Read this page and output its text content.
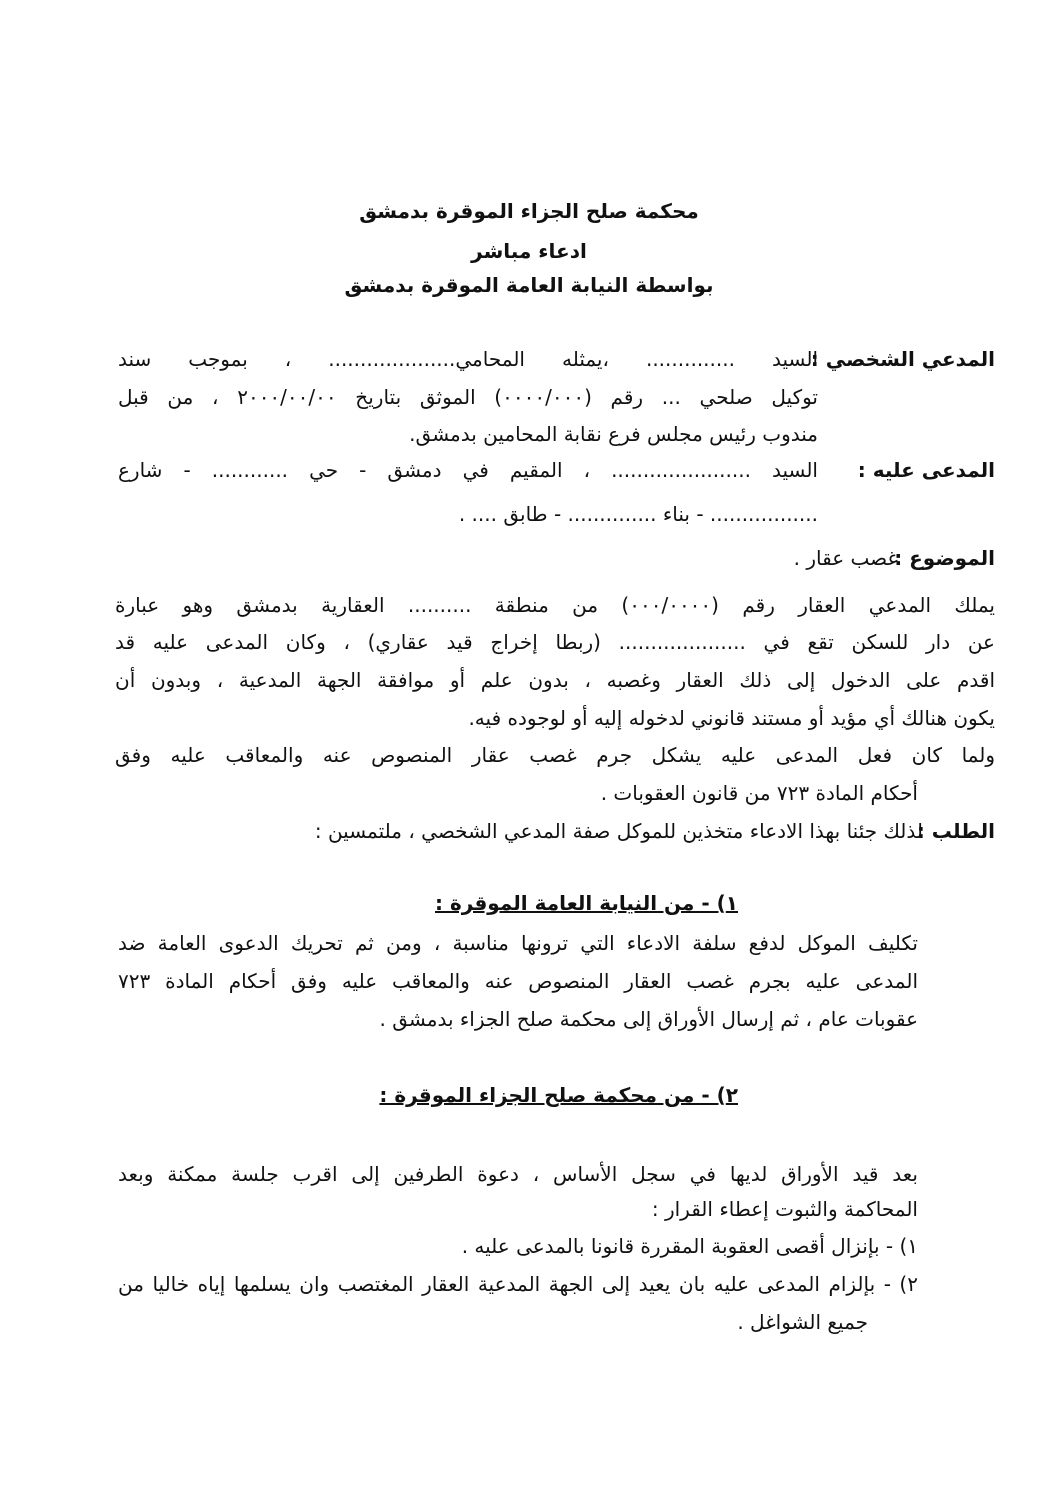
محكمة صلح الجزاء الموقرة بدمشق
ادعاء مباشر
بواسطة النيابة العامة الموقرة بدمشق
المدعي الشخصي :
السيد .............. ،يمثله المحامي.................... ، بموجب سند
توكيل صلحي ... رقم (٠٠٠٠/٠٠٠) الموثق بتاريخ ٢٠٠٠/٠٠/٠٠ ، من قبل
مندوب رئيس مجلس فرع نقابة المحامين بدمشق.
المدعى عليه :
السيد ...................... ، المقيم في دمشق - حي ............ - شارع
................. - بناء .............. - طابق .... .
الموضوع :
غصب عقار .
يملك المدعي العقار رقم (٠٠٠/٠٠٠٠) من منطقة .......... العقارية بدمشق وهو عبارة
عن دار للسكن تقع في .................... (ربطا إخراج قيد عقاري) ، وكان المدعى عليه قد
اقدم على الدخول إلى ذلك العقار وغصبه ، بدون علم أو موافقة الجهة المدعية ، وبدون أن
يكون هنالك أي مؤيد أو مستند قانوني لدخوله إليه أو لوجوده فيه.
ولما كان فعل المدعى عليه يشكل جرم غصب عقار المنصوص عنه والمعاقب عليه وفق
أحكام المادة ٧٢٣ من قانون العقوبات .
الطلب :
لذلك جئنا بهذا الادعاء متخذين للموكل صفة المدعي الشخصي ، ملتمسين :
١) - من النيابة العامة الموقرة :
تكليف الموكل لدفع سلفة الادعاء التي ترونها مناسبة ، ومن ثم تحريك الدعوى العامة ضد
المدعى عليه بجرم غصب العقار المنصوص عنه والمعاقب عليه وفق أحكام المادة ٧٢٣
عقوبات عام ، ثم إرسال الأوراق إلى محكمة صلح الجزاء بدمشق .
٢) - من محكمة صلح الجزاء الموقرة :
بعد قيد الأوراق لديها في سجل الأساس ، دعوة الطرفين إلى اقرب جلسة ممكنة وبعد
المحاكمة والثبوت إعطاء القرار :
١) - بإنزال أقصى العقوبة المقررة قانونا بالمدعى عليه .
٢) - بإلزام المدعى عليه بان يعيد إلى الجهة المدعية العقار المغتصب وان يسلمها إياه خاليا من
جميع الشواغل .
